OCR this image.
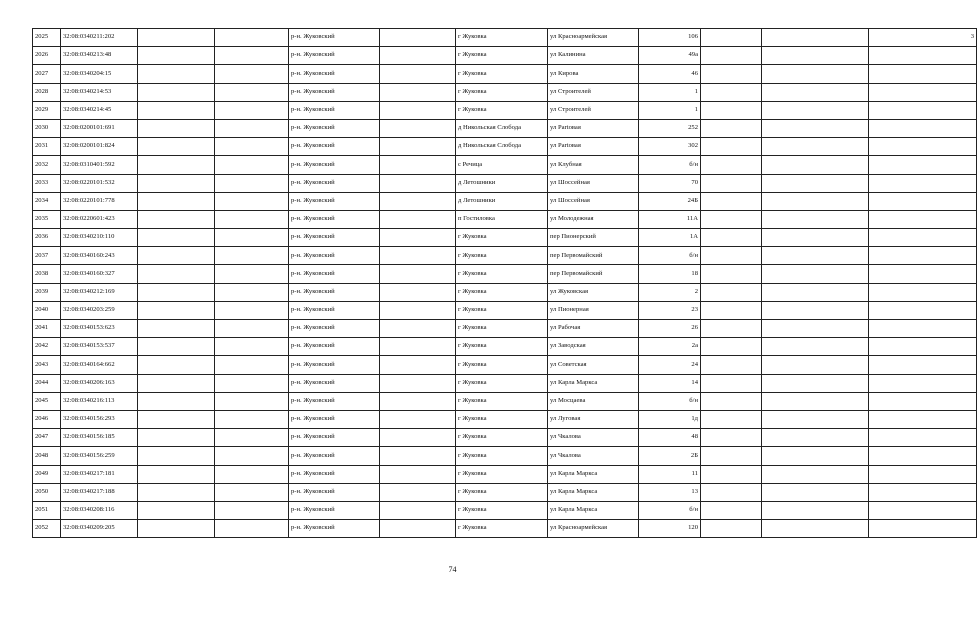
2025	32:08:0340211:202			р-н. Жуковский		г Жуковка	ул Красноармейская	106			3
2026	32:08:0340213:48			р-н. Жуковский		г Жуковка	ул Калинина	49а			
2027	32:08:0340204:15			р-н. Жуковский		г Жуковка	ул Кирова	46			
2028	32:08:0340214:53			р-н. Жуковский		г Жуковка	ул Строителей	1			
2029	32:08:0340214:45			р-н. Жуковский		г Жуковка	ул Строителей	1			
2030	32:08:0200101:691			р-н. Жуковский		д Никольская Слобода	ул Partовая	252			
2031	32:08:0200101:824			р-н. Жуковский		д Никольская Слобода	ул Partовая	302			
2032	32:08:0310401:592			р-н. Жуковский		с Речица	ул Клубная	б/н			
2033	32:08:0220101:532			р-н. Жуковский		д Летошники	ул Шоссейная	70			
2034	32:08:0220101:778			р-н. Жуковский		д Летошники	ул Шоссейная	24Б			
2035	32:08:0220601:423			р-н. Жуковский		п Гостиловка	ул Молодежная	11А			
2036	32:08:0340210:110			р-н. Жуковский		г Жуковка	пер Пионерский	1А			
2037	32:08:0340160:243			р-н. Жуковский		г Жуковка	пер Первомайский	б/н			
2038	32:08:0340160:327			р-н. Жуковский		г Жуковка	пер Первомайский	18			
2039	32:08:0340212:169			р-н. Жуковский		г Жуковка	ул Жуковская	2			
2040	32:08:0340203:259			р-н. Жуковский		г Жуковка	ул Пионерная	23			
2041	32:08:0340153:623			р-н. Жуковский		г Жуковка	ул Рабочая	26			
2042	32:08:0340153:537			р-н. Жуковский		г Жуковка	ул Заводская	2а			
2043	32:08:0340164:662			р-н. Жуковский		г Жуковка	ул Советская	24			
2044	32:08:0340206:163			р-н. Жуковский		г Жуковка	ул Карла Маркса	14			
2045	32:08:0340216:113			р-н. Жуковский		г Жуковка	ул Мосцаева	б/н			
2046	32:08:0340156:293			р-н. Жуковский		г Жуковка	ул Луговая	1д			
2047	32:08:0340156:185			р-н. Жуковский		г Жуковка	ул Чкалова	48			
2048	32:08:0340156:259			р-н. Жуковский		г Жуковка	ул Чкалова	2Б			
2049	32:08:0340217:181			р-н. Жуковский		г Жуковка	ул Карла Маркса	11			
2050	32:08:0340217:188			р-н. Жуковский		г Жуковка	ул Карла Маркса	13			
2051	32:08:0340208:116			р-н. Жуковский		г Жуковка	ул Карла Маркса	б/н			
2052	32:08:0340209:205			р-н. Жуковский		г Жуковка	ул Красноармейская	120			
74
